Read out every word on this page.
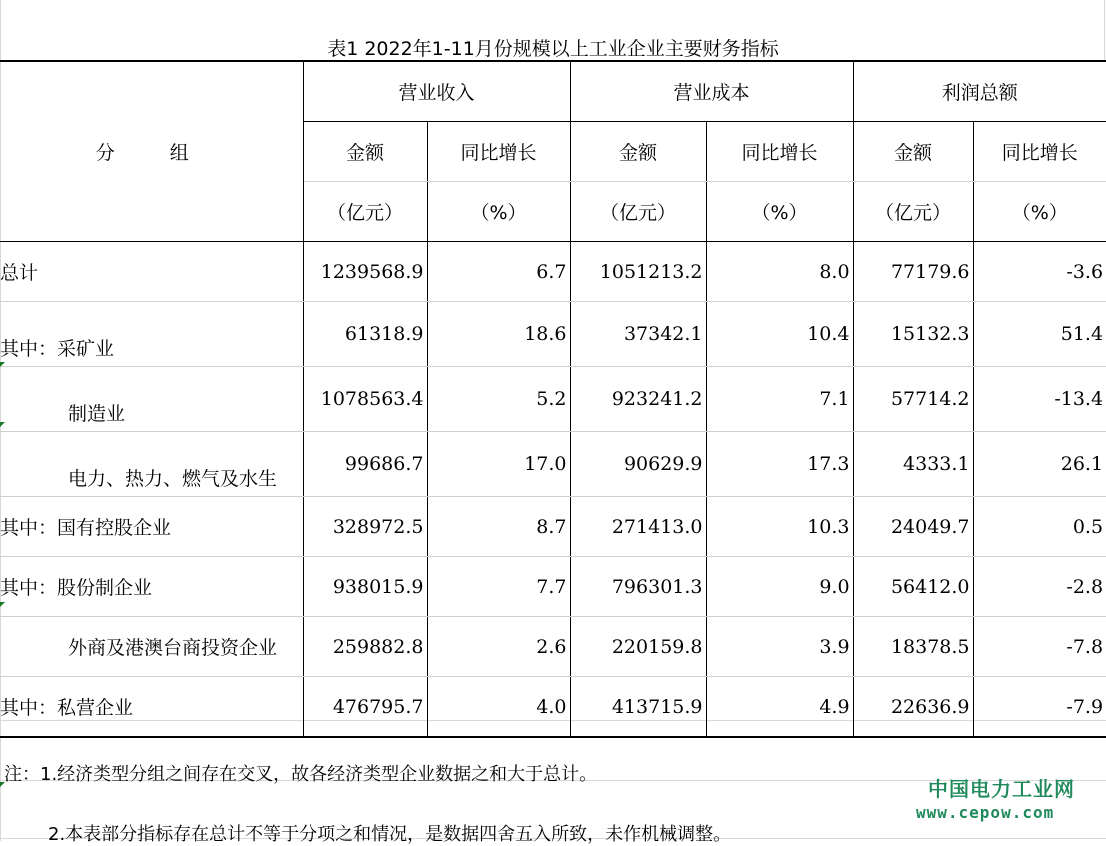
表1 2022年1-11月份规模以上工业企业主要财务指标
分　组	营业收入		营业成本		利润总额	
	金额	同比增长	金额	同比增长	金额	同比增长
	（亿元）	（%）	（亿元）	（%）	（亿元）	（%）
总计	1239568.9	6.7	1051213.2	8.0	77179.6	-3.6
其中：采矿业	61318.9	18.6	37342.1	10.4	15132.3	51.4
制造业	1078563.4	5.2	923241.2	7.1	57714.2	-13.4
电力、热力、燃气及水生	99686.7	17.0	90629.9	17.3	4333.1	26.1
其中：国有控股企业	328972.5	8.7	271413.0	10.3	24049.7	0.5
其中：股份制企业	938015.9	7.7	796301.3	9.0	56412.0	-2.8
外商及港澳台商投资企业	259882.8	2.6	220159.8	3.9	18378.5	-7.8
其中：私营企业	476795.7	4.0	413715.9	4.9	22636.9	-7.9
注：1.经济类型分组之间存在交叉，故各经济类型企业数据之和大于总计。
2.本表部分指标存在总计不等于分项之和情况，是数据四舍五入所致，未作机械调整。
中国电力工业网
www.cepow.com
